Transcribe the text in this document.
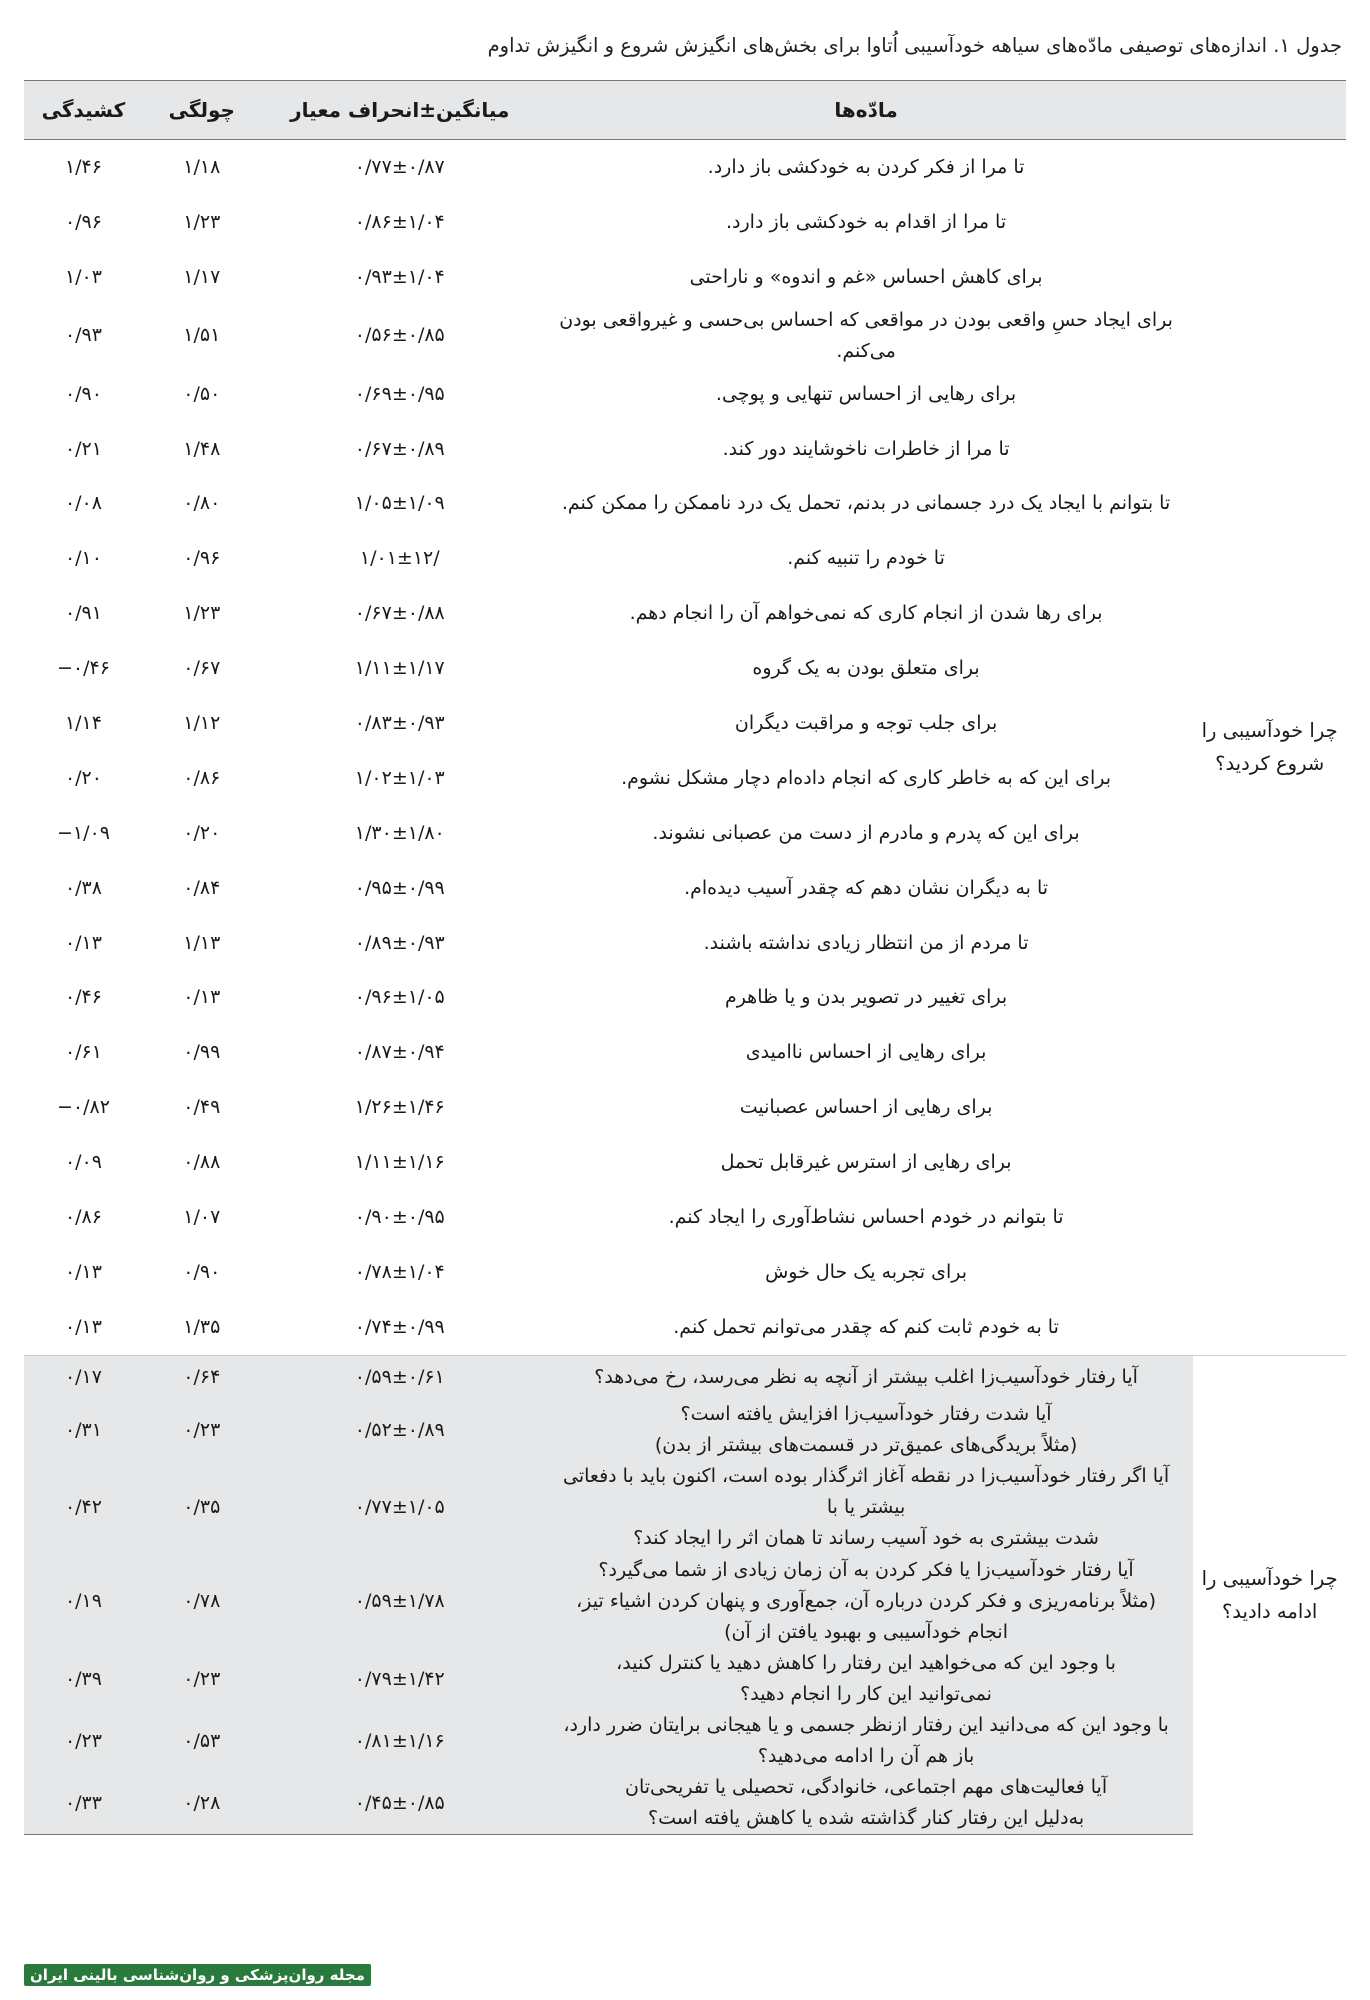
جدول ۱. اندازه‌های توصیفی مادّه‌های سیاهه خودآسیبی اُتاوا برای بخش‌های انگیزش شروع و انگیزش تداوم
	مادّه‌ها	میانگین±انحراف معیار	چولگی	کشیدگی
چرا خودآسیبی را شروع کردید؟	تا مرا از فکر کردن به خودکشی باز دارد.	۰/۷۷±۰/۸۷	۱/۱۸	۱/۴۶
	تا مرا از اقدام به خودکشی باز دارد.	۰/۸۶±۱/۰۴	۱/۲۳	۰/۹۶
	برای کاهش احساس «غم و اندوه» و ناراحتی	۰/۹۳±۱/۰۴	۱/۱۷	۱/۰۳
	برای ایجاد حسِ واقعی بودن در مواقعی که احساس بی‌حسی و غیرواقعی بودن می‌کنم.	۰/۵۶±۰/۸۵	۱/۵۱	۰/۹۳
	برای رهایی از احساس تنهایی و پوچی.	۰/۶۹±۰/۹۵	۰/۵۰	۰/۹۰
	تا مرا از خاطرات ناخوشایند دور کند.	۰/۶۷±۰/۸۹	۱/۴۸	۰/۲۱
	تا بتوانم با ایجاد یک درد جسمانی در بدنم، تحمل یک درد ناممکن را ممکن کنم.	۱/۰۵±۱/۰۹	۰/۸۰	۰/۰۸
	تا خودم را تنبیه کنم.	۱/۰۱±۱۲/	۰/۹۶	۰/۱۰
	برای رها شدن از انجام کاری که نمی‌خواهم آن را انجام دهم.	۰/۶۷±۰/۸۸	۱/۲۳	۰/۹۱
	برای متعلق بودن به یک گروه	۱/۱۱±۱/۱۷	۰/۶۷	−۰/۴۶
	برای جلب توجه و مراقبت دیگران	۰/۸۳±۰/۹۳	۱/۱۲	۱/۱۴
	برای این که به خاطر کاری که انجام داده‌ام دچار مشکل نشوم.	۱/۰۲±۱/۰۳	۰/۸۶	۰/۲۰
	برای این که پدرم و مادرم از دست من عصبانی نشوند.	۱/۳۰±۱/۸۰	۰/۲۰	−۱/۰۹
	تا به دیگران نشان دهم که چقدر آسیب دیده‌ام.	۰/۹۵±۰/۹۹	۰/۸۴	۰/۳۸
	تا مردم از من انتظار زیادی نداشته باشند.	۰/۸۹±۰/۹۳	۱/۱۳	۰/۱۳
	برای تغییر در تصویر بدن و یا ظاهرم	۰/۹۶±۱/۰۵	۰/۱۳	۰/۴۶
	برای رهایی از احساس ناامیدی	۰/۸۷±۰/۹۴	۰/۹۹	۰/۶۱
	برای رهایی از احساس عصبانیت	۱/۲۶±۱/۴۶	۰/۴۹	−۰/۸۲
	برای رهایی از استرس غیرقابل تحمل	۱/۱۱±۱/۱۶	۰/۸۸	۰/۰۹
	تا بتوانم در خودم احساس نشاط‌آوری را ایجاد کنم.	۰/۹۰±۰/۹۵	۱/۰۷	۰/۸۶
	برای تجربه یک حال خوش	۰/۷۸±۱/۰۴	۰/۹۰	۰/۱۳
	تا به خودم ثابت کنم که چقدر می‌توانم تحمل کنم.	۰/۷۴±۰/۹۹	۱/۳۵	۰/۱۳
چرا خودآسیبی را ادامه دادید؟	آیا رفتار خودآسیب‌زا اغلب بیشتر از آنچه به نظر می‌رسد، رخ می‌دهد؟	۰/۵۹±۰/۶۱	۰/۶۴	۰/۱۷
	آیا شدت رفتار خودآسیب‌زا افزایش یافته است؟
(مثلاً بریدگی‌های عمیق‌تر در قسمت‌های بیشتر از بدن)	۰/۵۲±۰/۸۹	۰/۲۳	۰/۳۱
	آیا اگر رفتار خودآسیب‌زا در نقطه آغاز اثرگذار بوده است، اکنون باید با دفعاتی بیشتر یا با
شدت بیشتری به خود آسیب رساند تا همان اثر را ایجاد کند؟	۰/۷۷±۱/۰۵	۰/۳۵	۰/۴۲
	آیا رفتار خودآسیب‌زا یا فکر کردن به آن زمان زیادی از شما می‌گیرد؟
(مثلاً برنامه‌ریزی و فکر کردن درباره آن، جمع‌آوری و پنهان کردن اشیاء تیز،
انجام خودآسیبی و بهبود یافتن از آن)	۰/۵۹±۱/۷۸	۰/۷۸	۰/۱۹
	با وجود این که می‌خواهید این رفتار را کاهش دهید یا کنترل کنید،
نمی‌توانید این کار را انجام دهید؟	۰/۷۹±۱/۴۲	۰/۲۳	۰/۳۹
	با وجود این که می‌دانید این رفتار ازنظر جسمی و یا هیجانی برایتان ضرر دارد،
باز هم آن را ادامه می‌دهید؟	۰/۸۱±۱/۱۶	۰/۵۳	۰/۲۳
	آیا فعالیت‌های مهم اجتماعی، خانوادگی، تحصیلی یا تفریحی‌تان
به‌دلیل این رفتار کنار گذاشته شده یا کاهش یافته است؟	۰/۴۵±۰/۸۵	۰/۲۸	۰/۳۳
مجله روان‌پزشکی و روان‌شناسی بالینی ایران
